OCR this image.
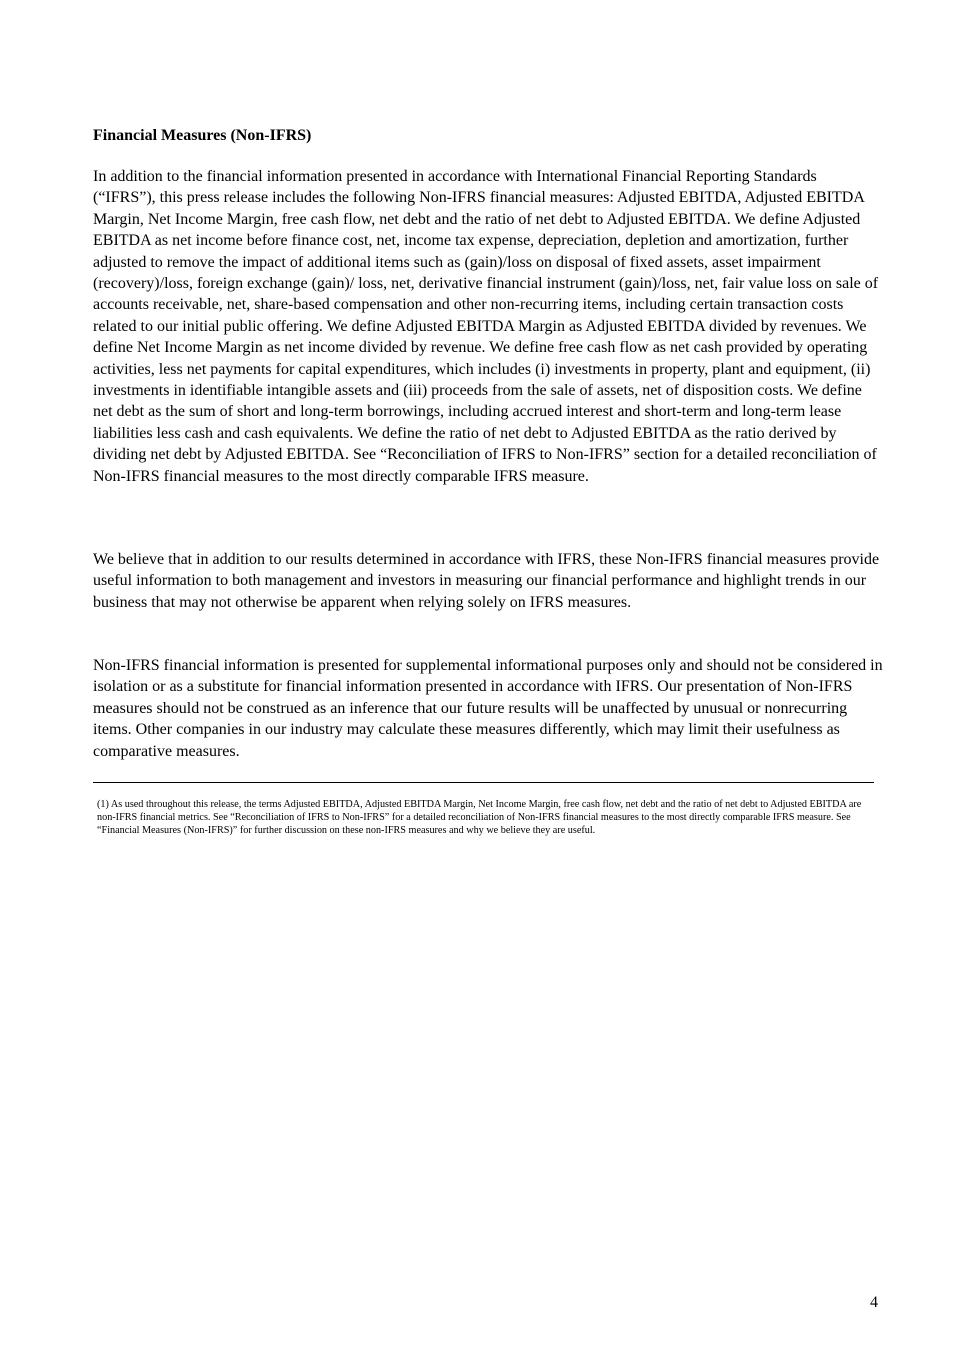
Financial Measures (Non-IFRS)

In addition to the financial information presented in accordance with International Financial Reporting Standards (“IFRS”), this press release includes the following Non-IFRS financial measures: Adjusted EBITDA, Adjusted EBITDA Margin, Net Income Margin, free cash flow, net debt and the ratio of net debt to Adjusted EBITDA. We define Adjusted EBITDA as net income before finance cost, net, income tax expense, depreciation, depletion and amortization, further adjusted to remove the impact of additional items such as (gain)/loss on disposal of fixed assets, asset impairment (recovery)/loss, foreign exchange (gain)/ loss, net, derivative financial instrument (gain)/loss, net, fair value loss on sale of accounts receivable, net, share-based compensation and other non-recurring items, including certain transaction costs related to our initial public offering. We define Adjusted EBITDA Margin as Adjusted EBITDA divided by revenues. We define Net Income Margin as net income divided by revenue. We define free cash flow as net cash provided by operating activities, less net payments for capital expenditures, which includes (i) investments in property, plant and equipment, (ii) investments in identifiable intangible assets and (iii) proceeds from the sale of assets, net of disposition costs. We define net debt as the sum of short and long-term borrowings, including accrued interest and short-term and long-term lease liabilities less cash and cash equivalents. We define the ratio of net debt to Adjusted EBITDA as the ratio derived by dividing net debt by Adjusted EBITDA. See “Reconciliation of IFRS to Non-IFRS” section for a detailed reconciliation of Non-IFRS financial measures to the most directly comparable IFRS measure.

We believe that in addition to our results determined in accordance with IFRS, these Non-IFRS financial measures provide useful information to both management and investors in measuring our financial performance and highlight trends in our business that may not otherwise be apparent when relying solely on IFRS measures.

Non-IFRS financial information is presented for supplemental informational purposes only and should not be considered in isolation or as a substitute for financial information presented in accordance with IFRS. Our presentation of Non-IFRS measures should not be construed as an inference that our future results will be unaffected by unusual or nonrecurring items. Other companies in our industry may calculate these measures differently, which may limit their usefulness as comparative measures.

(1) As used throughout this release, the terms Adjusted EBITDA, Adjusted EBITDA Margin, Net Income Margin, free cash flow, net debt and the ratio of net debt to Adjusted EBITDA are non-IFRS financial metrics. See “Reconciliation of IFRS to Non-IFRS” for a detailed reconciliation of Non-IFRS financial measures to the most directly comparable IFRS measure. See “Financial Measures (Non-IFRS)” for further discussion on these non-IFRS measures and why we believe they are useful.

4
